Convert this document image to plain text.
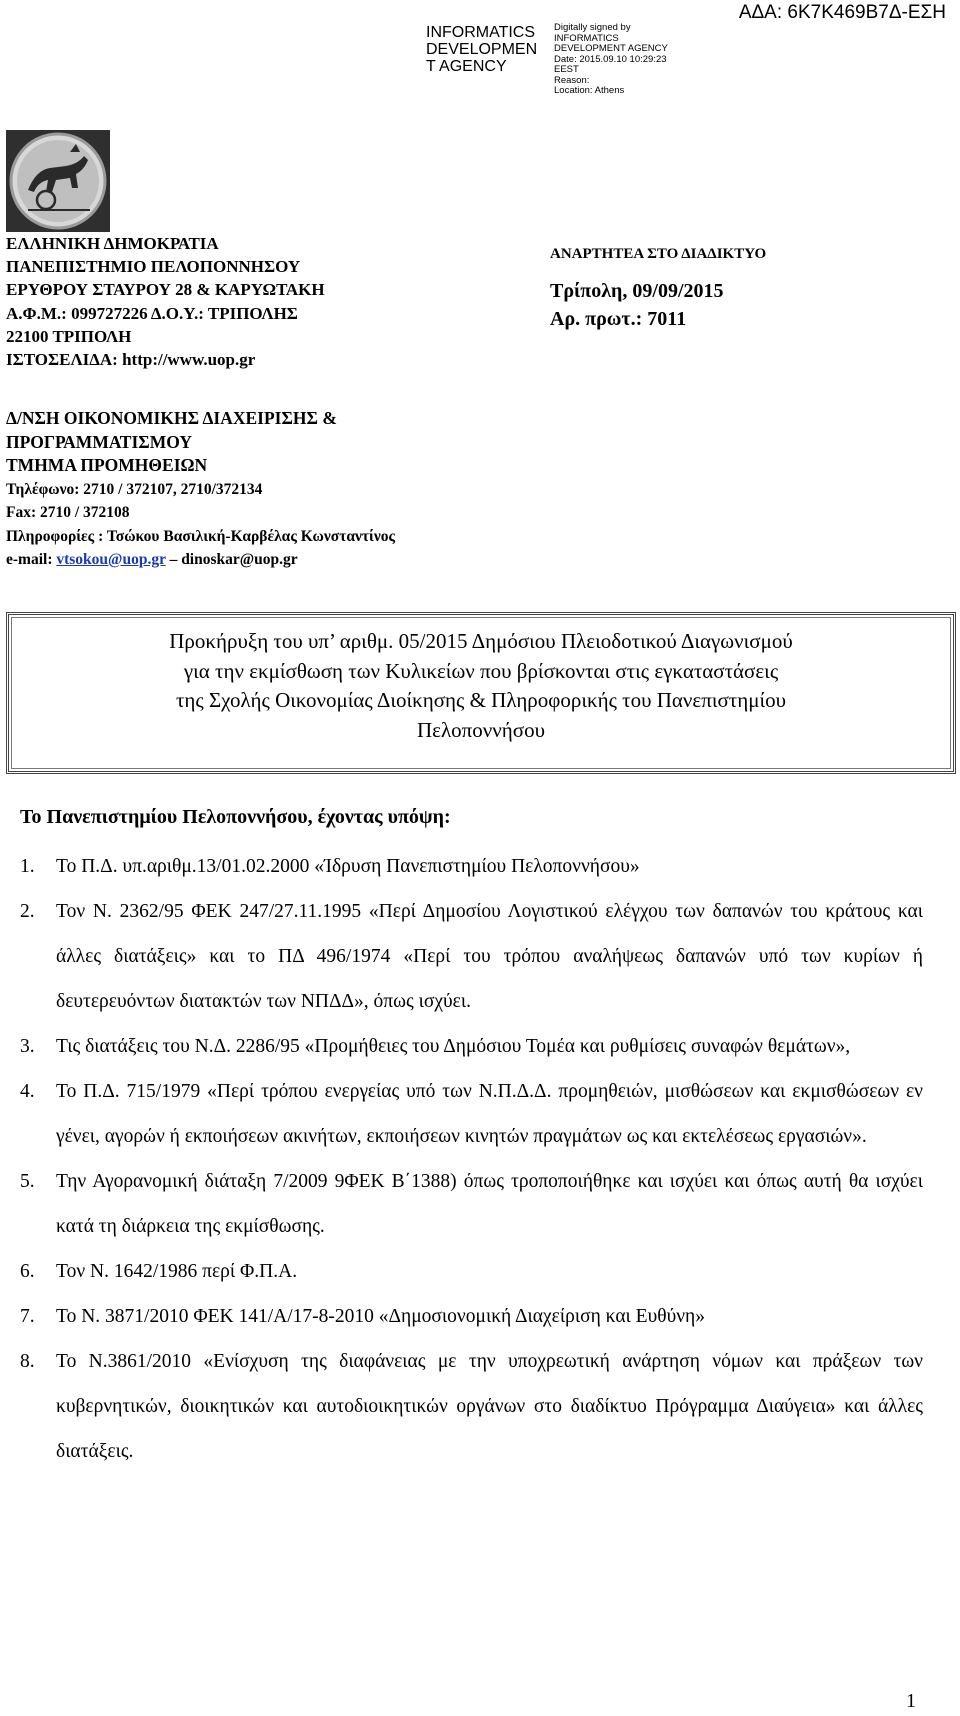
INFORMATICS DEVELOPMEN T AGENCY
Digitally signed by
INFORMATICS
DEVELOPMENT AGENCY
Date: 2015.09.10 10:29:23
EEST
Reason:
Location: Athens
ΑΔΑ: 6Κ7Κ469Β7Δ-ΕΣΗ
ΕΛΛΗΝΙΚΗ ΔΗΜΟΚΡΑΤΙΑ
ΠΑΝΕΠΙΣΤΗΜΙΟ ΠΕΛΟΠΟΝΝΗΣΟΥ
ΕΡΥΘΡΟΥ ΣΤΑΥΡΟΥ 28 & ΚΑΡΥΩΤΑΚΗ
Α.Φ.Μ.: 099727226 Δ.Ο.Υ.: ΤΡΙΠΟΛΗΣ
22100 ΤΡΙΠΟΛΗ
ΙΣΤΟΣΕΛΙΔΑ: http://www.uop.gr
ΑΝΑΡΤΗΤΕΑ ΣΤΟ ΔΙΑΔΙΚΤΥΟ
Τρίπολη, 09/09/2015
Αρ. πρωτ.: 7011
Δ/ΝΣΗ ΟΙΚΟΝΟΜΙΚΗΣ ΔΙΑΧΕΙΡΙΣΗΣ &
ΠΡΟΓΡΑΜΜΑΤΙΣΜΟΥ
ΤΜΗΜΑ ΠΡΟΜΗΘΕΙΩΝ
Τηλέφωνο: 2710 / 372107, 2710/372134
Fax: 2710 / 372108
Πληροφορίες : Τσώκου Βασιλική-Καρβέλας Κωνσταντίνος
e-mail: vtsokou@uop.gr – dinoskar@uop.gr
Προκήρυξη του υπ’ αριθμ. 05/2015 Δημόσιου Πλειοδοτικού Διαγωνισμού
για την εκμίσθωση των Κυλικείων που βρίσκονται στις εγκαταστάσεις
της Σχολής Οικονομίας Διοίκησης & Πληροφορικής του Πανεπιστημίου
Πελοποννήσου
Το Πανεπιστημίου Πελοποννήσου, έχοντας υπόψη:
1. Το Π.Δ. υπ.αριθμ.13/01.02.2000 «Ίδρυση Πανεπιστημίου Πελοποννήσου»
2. Τον Ν. 2362/95 ΦΕΚ 247/27.11.1995 «Περί Δημοσίου Λογιστικού ελέγχου των δαπανών του κράτους και άλλες διατάξεις» και το ΠΔ 496/1974 «Περί του τρόπου αναλήψεως δαπανών υπό των κυρίων ή δευτερευόντων διατακτών των ΝΠΔΔ», όπως ισχύει.
3. Τις διατάξεις του Ν.Δ. 2286/95 «Προμήθειες του Δημόσιου Τομέα και ρυθμίσεις συναφών θεμάτων»,
4. Το Π.Δ. 715/1979 «Περί τρόπου ενεργείας υπό των Ν.Π.Δ.Δ. προμηθειών, μισθώσεων και εκμισθώσεων εν γένει, αγορών ή εκποιήσεων ακινήτων, εκποιήσεων κινητών πραγμάτων ως και εκτελέσεως εργασιών».
5. Την Αγορανομική διάταξη 7/2009 9ΦΕΚ Β΄1388) όπως τροποποιήθηκε και ισχύει και όπως αυτή θα ισχύει κατά τη διάρκεια της εκμίσθωσης.
6. Τον Ν. 1642/1986 περί Φ.Π.Α.
7. Το Ν. 3871/2010 ΦΕΚ 141/Α/17-8-2010 «Δημοσιονομική Διαχείριση και Ευθύνη»
8. Το Ν.3861/2010 «Ενίσχυση της διαφάνειας με την υποχρεωτική ανάρτηση νόμων και πράξεων των κυβερνητικών, διοικητικών και αυτοδιοικητικών οργάνων στο διαδίκτυο Πρόγραμμα Διαύγεια» και άλλες διατάξεις.
1
